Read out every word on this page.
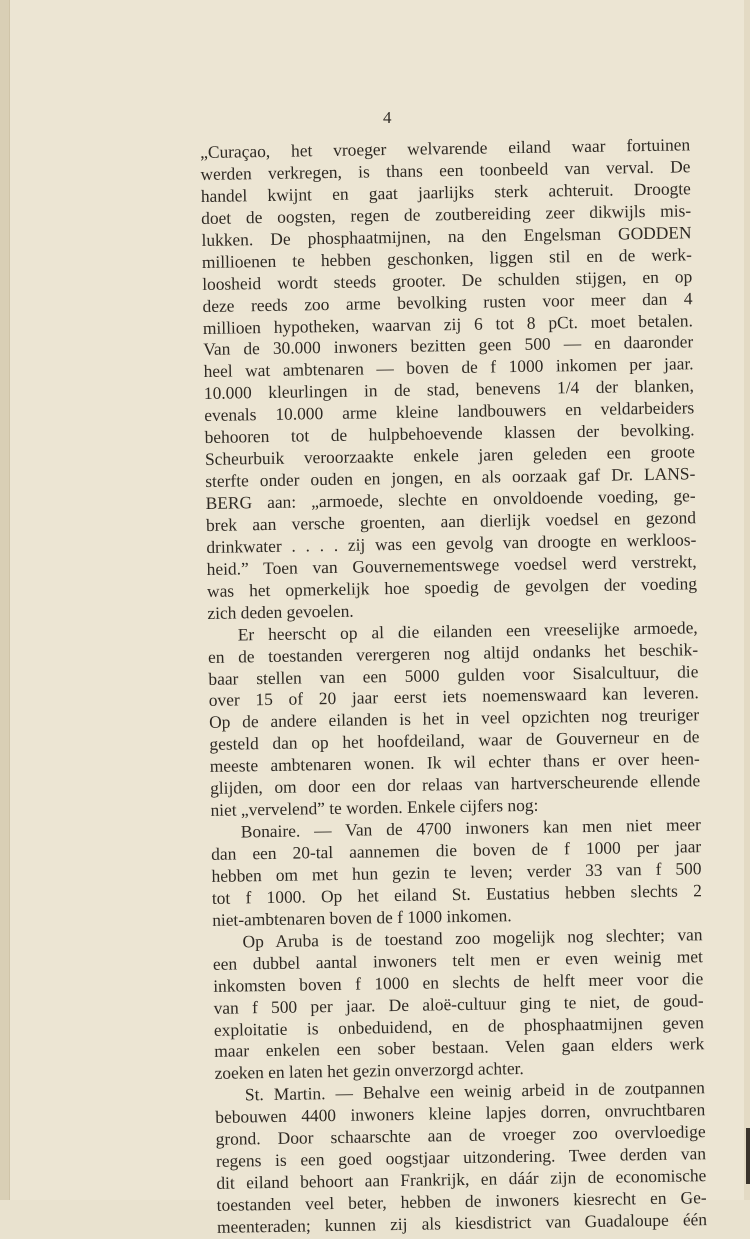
4
„Curaçao, het vroeger welvarende eiland waar fortuinen
werden verkregen, is thans een toonbeeld van verval. De
handel kwijnt en gaat jaarlijks sterk achteruit. Droogte
doet de oogsten, regen de zoutbereiding zeer dikwijls mis-
lukken. De phosphaatmijnen, na den Engelsman GODDEN
millioenen te hebben geschonken, liggen stil en de werk-
loosheid wordt steeds grooter. De schulden stijgen, en op
deze reeds zoo arme bevolking rusten voor meer dan 4
millioen hypotheken, waarvan zij 6 tot 8 pCt. moet betalen.
Van de 30.000 inwoners bezitten geen 500 — en daaronder
heel wat ambtenaren — boven de f 1000 inkomen per jaar.
10.000 kleurlingen in de stad, benevens 1/4 der blanken,
evenals 10.000 arme kleine landbouwers en veldarbeiders
behooren tot de hulpbehoevende klassen der bevolking.
Scheurbuik veroorzaakte enkele jaren geleden een groote
sterfte onder ouden en jongen, en als oorzaak gaf Dr. LANS-
BERG aan: „armoede, slechte en onvoldoende voeding, ge-
brek aan versche groenten, aan dierlijk voedsel en gezond
drinkwater . . . . zij was een gevolg van droogte en werkloos-
heid.” Toen van Gouvernementswege voedsel werd verstrekt,
was het opmerkelijk hoe spoedig de gevolgen der voeding
zich deden gevoelen.
Er heerscht op al die eilanden een vreeselijke armoede,
en de toestanden verergeren nog altijd ondanks het beschik-
baar stellen van een 5000 gulden voor Sisalcultuur, die
over 15 of 20 jaar eerst iets noemenswaard kan leveren.
Op de andere eilanden is het in veel opzichten nog treuriger
gesteld dan op het hoofdeiland, waar de Gouverneur en de
meeste ambtenaren wonen. Ik wil echter thans er over heen-
glijden, om door een dor relaas van hartverscheurende ellende
niet „vervelend” te worden. Enkele cijfers nog:
Bonaire. — Van de 4700 inwoners kan men niet meer
dan een 20-tal aannemen die boven de f 1000 per jaar
hebben om met hun gezin te leven; verder 33 van f 500
tot f 1000. Op het eiland St. Eustatius hebben slechts 2
niet-ambtenaren boven de f 1000 inkomen.
Op Aruba is de toestand zoo mogelijk nog slechter; van
een dubbel aantal inwoners telt men er even weinig met
inkomsten boven f 1000 en slechts de helft meer voor die
van f 500 per jaar. De aloë-cultuur ging te niet, de goud-
exploitatie is onbeduidend, en de phosphaatmijnen geven
maar enkelen een sober bestaan. Velen gaan elders werk
zoeken en laten het gezin onverzorgd achter.
St. Martin. — Behalve een weinig arbeid in de zoutpannen
bebouwen 4400 inwoners kleine lapjes dorren, onvruchtbaren
grond. Door schaarschte aan de vroeger zoo overvloedige
regens is een goed oogstjaar uitzondering. Twee derden van
dit eiland behoort aan Frankrijk, en dáár zijn de economische
toestanden veel beter, hebben de inwoners kiesrecht en Ge-
meenteraden; kunnen zij als kiesdistrict van Guadaloupe één
